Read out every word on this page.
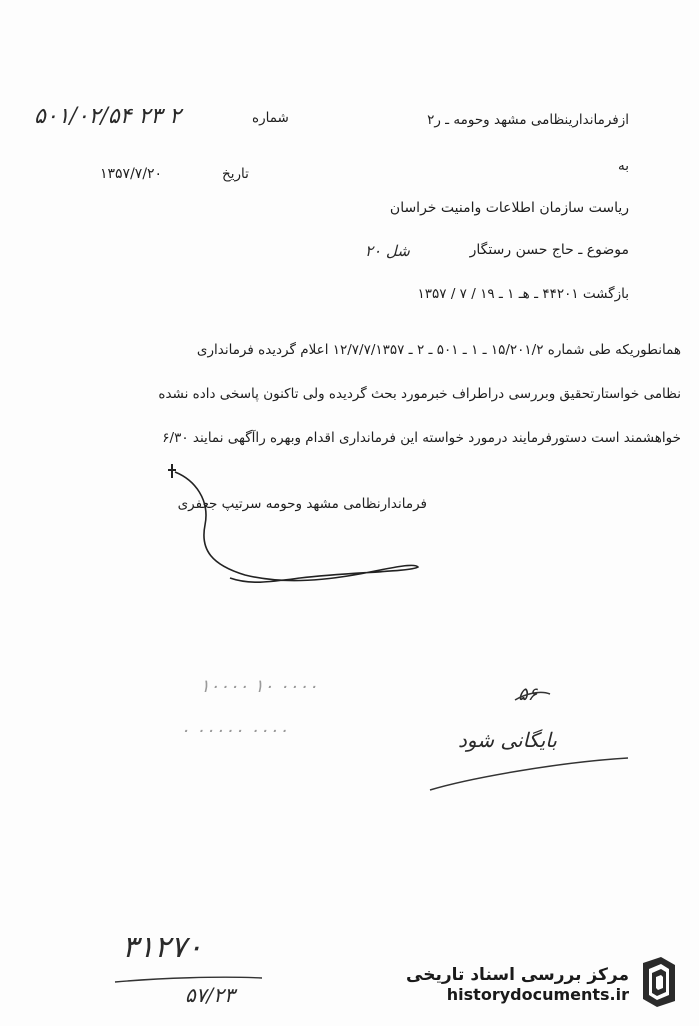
ازفرماندارینظامی مشهد وحومه ـ ر۲
شماره
۵۰۱/۰۲/۵۴ ۲۳ ۲
تاریخ
۱۳۵۷/۷/۲۰	به
ریاست سازمان اطلاعات وامنیت خراسان
موضوع ـ حاج حسن رستگار
شل ۲۰
بازگشت ۴۴۲۰۱ ـ هـ ۱ ـ ۱۹ / ۷ / ۱۳۵۷
همانطوریکه طی شماره ۱۵/۲۰۱/۲ ـ ۱ ـ ۵۰۱ ـ ۲ ـ ۱۲/۷/۷/۱۳۵۷ اعلام گردیده فرماندارى
نظامی خواستارتحقیق وبررسی دراطراف خبرمورد بحث گردیده ولی تاکنون پاسخی داده نشده
خواهشمند است دستورفرمایند درمورد خواسته این فرمانداری اقدام وبهره راآگهی نمایند ۶/۳۰
فرماندارنظامی مشهد وحومه سرتیپ جعفری
۱۰۰۰۰ ۱۰ ۰۰۰۰
۰ ۰۰۰۰۰ ۰۰۰۰
۵۶
بایگانی شود
۳۱۲۷۰
۵۷/۲۳
مرکز بررسی اسناد تاریخی
historydocuments.ir
